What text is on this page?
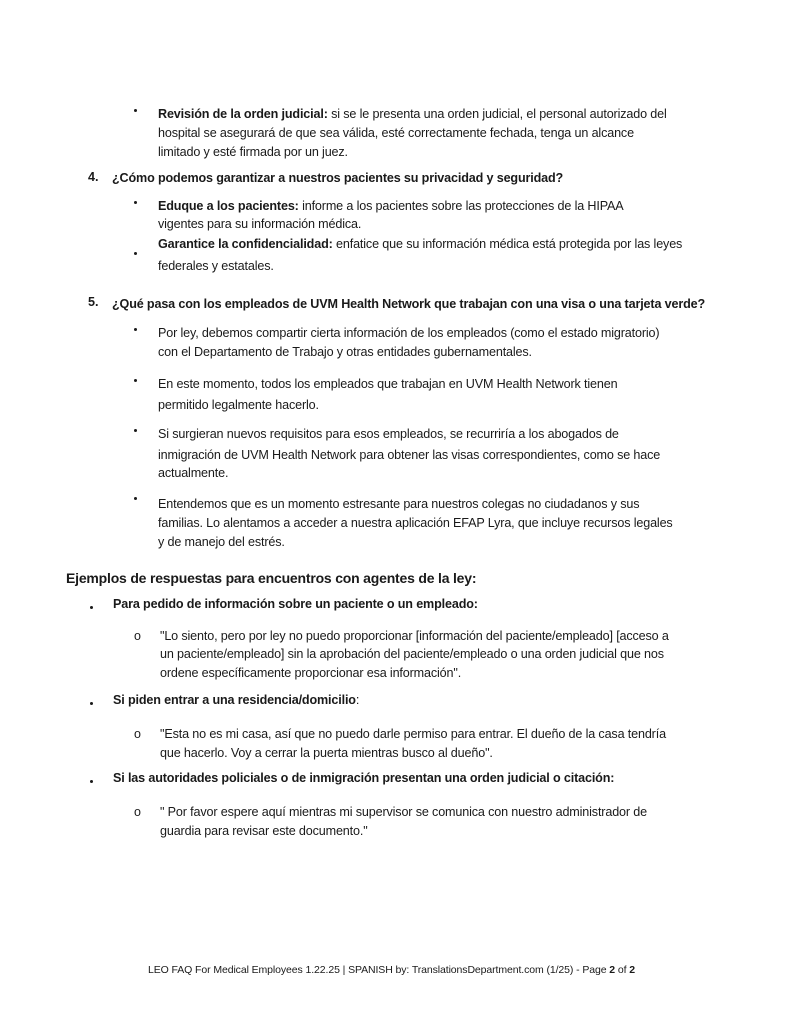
Revisión de la orden judicial: si se le presenta una orden judicial, el personal autorizado del
hospital se asegurará de que sea válida, esté correctamente fechada, tenga un alcance
limitado y esté firmada por un juez.
4. ¿Cómo podemos garantizar a nuestros pacientes su privacidad y seguridad?
Eduque a los pacientes: informe a los pacientes sobre las protecciones de la HIPAA
vigentes para su información médica.
Garantice la confidencialidad: enfatice que su información médica está protegida por las leyes
federales y estatales.
5. ¿Qué pasa con los empleados de UVM Health Network que trabajan con una visa o una tarjeta verde?
Por ley, debemos compartir cierta información de los empleados (como el estado migratorio)
con el Departamento de Trabajo y otras entidades gubernamentales.
En este momento, todos los empleados que trabajan en UVM Health Network tienen
permitido legalmente hacerlo.
Si surgieran nuevos requisitos para esos empleados, se recurriría a los abogados de
inmigración de UVM Health Network para obtener las visas correspondientes, como se hace
actualmente.
Entendemos que es un momento estresante para nuestros colegas no ciudadanos y sus
familias. Lo alentamos a acceder a nuestra aplicación EFAP Lyra, que incluye recursos legales
y de manejo del estrés.
Ejemplos de respuestas para encuentros con agentes de la ley:
Para pedido de información sobre un paciente o un empleado:
o "Lo siento, pero por ley no puedo proporcionar [información del paciente/empleado] [acceso a
un paciente/empleado] sin la aprobación del paciente/empleado o una orden judicial que nos
ordene específicamente proporcionar esa información".
Si piden entrar a una residencia/domicilio:
o "Esta no es mi casa, así que no puedo darle permiso para entrar. El dueño de la casa tendría
que hacerlo. Voy a cerrar la puerta mientras busco al dueño".
Si las autoridades policiales o de inmigración presentan una orden judicial o citación:
o " Por favor espere aquí mientras mi supervisor se comunica con nuestro administrador de
guardia para revisar este documento."
LEO FAQ For Medical Employees 1.22.25 | SPANISH by: TranslationsDepartment.com (1/25) - Page 2 of 2
